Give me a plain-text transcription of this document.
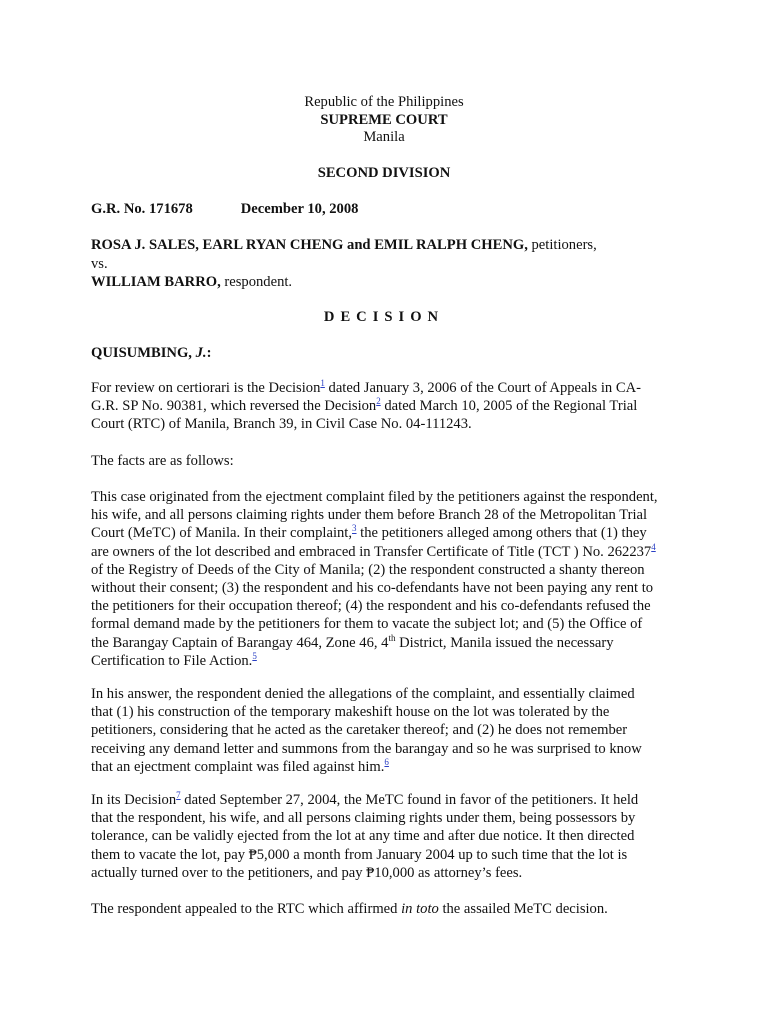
Republic of the Philippines
SUPREME COURT
Manila
SECOND DIVISION
G.R. No. 171678	December 10, 2008
ROSA J. SALES, EARL RYAN CHENG and EMIL RALPH CHENG, petitioners,
vs.
WILLIAM BARRO, respondent.
DECISION
QUISUMBING, J.:
For review on certiorari is the Decision$^1$ dated January 3, 2006 of the Court of Appeals in CA-
G.R. SP No. 90381, which reversed the Decision$^2$ dated March 10, 2005 of the Regional Trial
Court (RTC) of Manila, Branch 39, in Civil Case No. 04-111243.
The facts are as follows:
This case originated from the ejectment complaint filed by the petitioners against the respondent,
his wife, and all persons claiming rights under them before Branch 28 of the Metropolitan Trial
Court (MeTC) of Manila. In their complaint,$^3$ the petitioners alleged among others that (1) they
are owners of the lot described and embraced in Transfer Certificate of Title (TCT ) No. 262237$^4$
of the Registry of Deeds of the City of Manila; (2) the respondent constructed a shanty thereon
without their consent; (3) the respondent and his co-defendants have not been paying any rent to
the petitioners for their occupation thereof; (4) the respondent and his co-defendants refused the
formal demand made by the petitioners for them to vacate the subject lot; and (5) the Office of
the Barangay Captain of Barangay 464, Zone 46, 4th District, Manila issued the necessary
Certification to File Action.$^5$
In his answer, the respondent denied the allegations of the complaint, and essentially claimed
that (1) his construction of the temporary makeshift house on the lot was tolerated by the
petitioners, considering that he acted as the caretaker thereof; and (2) he does not remember
receiving any demand letter and summons from the barangay and so he was surprised to know
that an ejectment complaint was filed against him.$^6$
In its Decision$^7$ dated September 27, 2004, the MeTC found in favor of the petitioners. It held
that the respondent, his wife, and all persons claiming rights under them, being possessors by
tolerance, can be validly ejected from the lot at any time and after due notice. It then directed
them to vacate the lot, pay ₱5,000 a month from January 2004 up to such time that the lot is
actually turned over to the petitioners, and pay ₱10,000 as attorney’s fees.
The respondent appealed to the RTC which affirmed in toto the assailed MeTC decision.
